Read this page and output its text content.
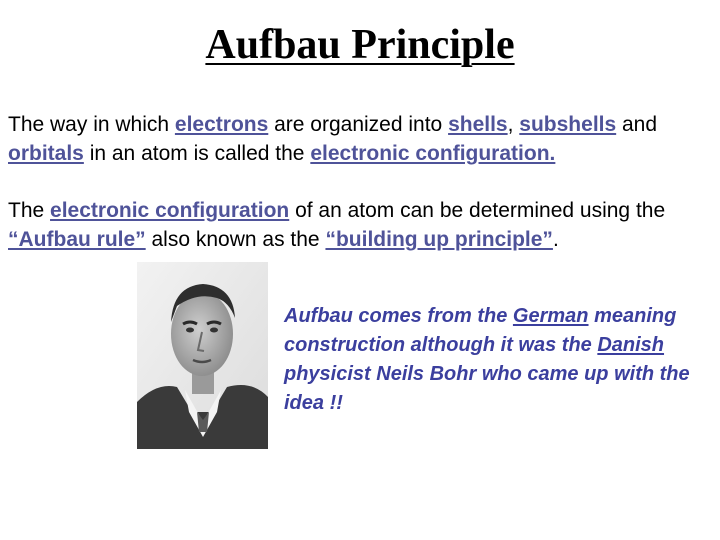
Aufbau Principle

The way in which electrons are organized into shells, subshells and orbitals in an atom is called the electronic configuration.

The electronic configuration of an atom can be determined using the “Aufbau rule” also known as the “building up principle”.

Aufbau comes from the German meaning construction although it was the Danish physicist Neils Bohr who came up with the idea !!
